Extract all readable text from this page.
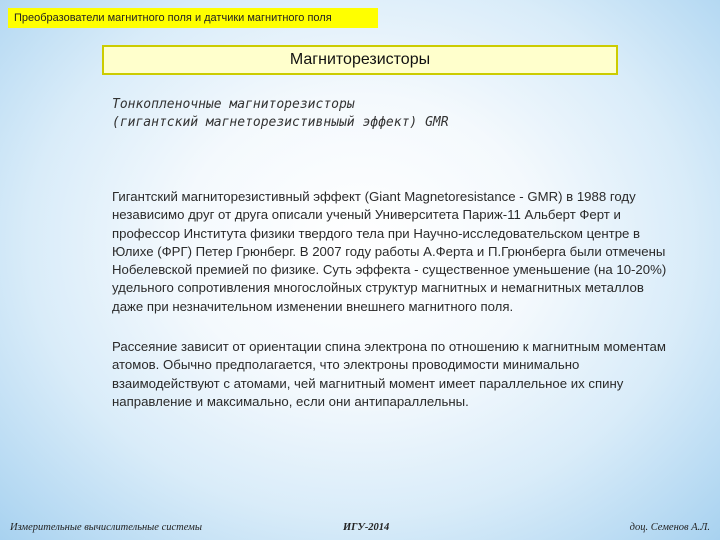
Преобразователи магнитного поля и датчики магнитного поля
Магниторезисторы
Тонкопленочные магниторезисторы
(гигантский магнеторезистивныый эффект) GMR
Гигантский магниторезистивный эффект (Giant Magnetoresistance - GMR) в 1988 году
независимо друг от друга описали ученый Университета Париж-11 Альберт Ферт и
профессор Института физики твердого тела при Научно-исследовательском центре в
Юлихе (ФРГ) Петер Грюнберг. В 2007 году работы А.Ферта и П.Грюнберга были отмечены
Нобелевской премией по физике. Суть эффекта - существенное уменьшение (на 10-20%)
удельного сопротивления многослойных структур магнитных и немагнитных металлов
даже при незначительном изменении внешнего магнитного поля.
Рассеяние зависит от ориентации спина электрона по отношению к магнитным моментам
атомов. Обычно предполагается, что электроны проводимости минимально
взаимодействуют с атомами, чей магнитный момент имеет параллельное их спину
направление и максимально, если они антипараллельны.
Измерительные вычислительные системы	ИГУ-2014	доц. Семенов А.Л.
